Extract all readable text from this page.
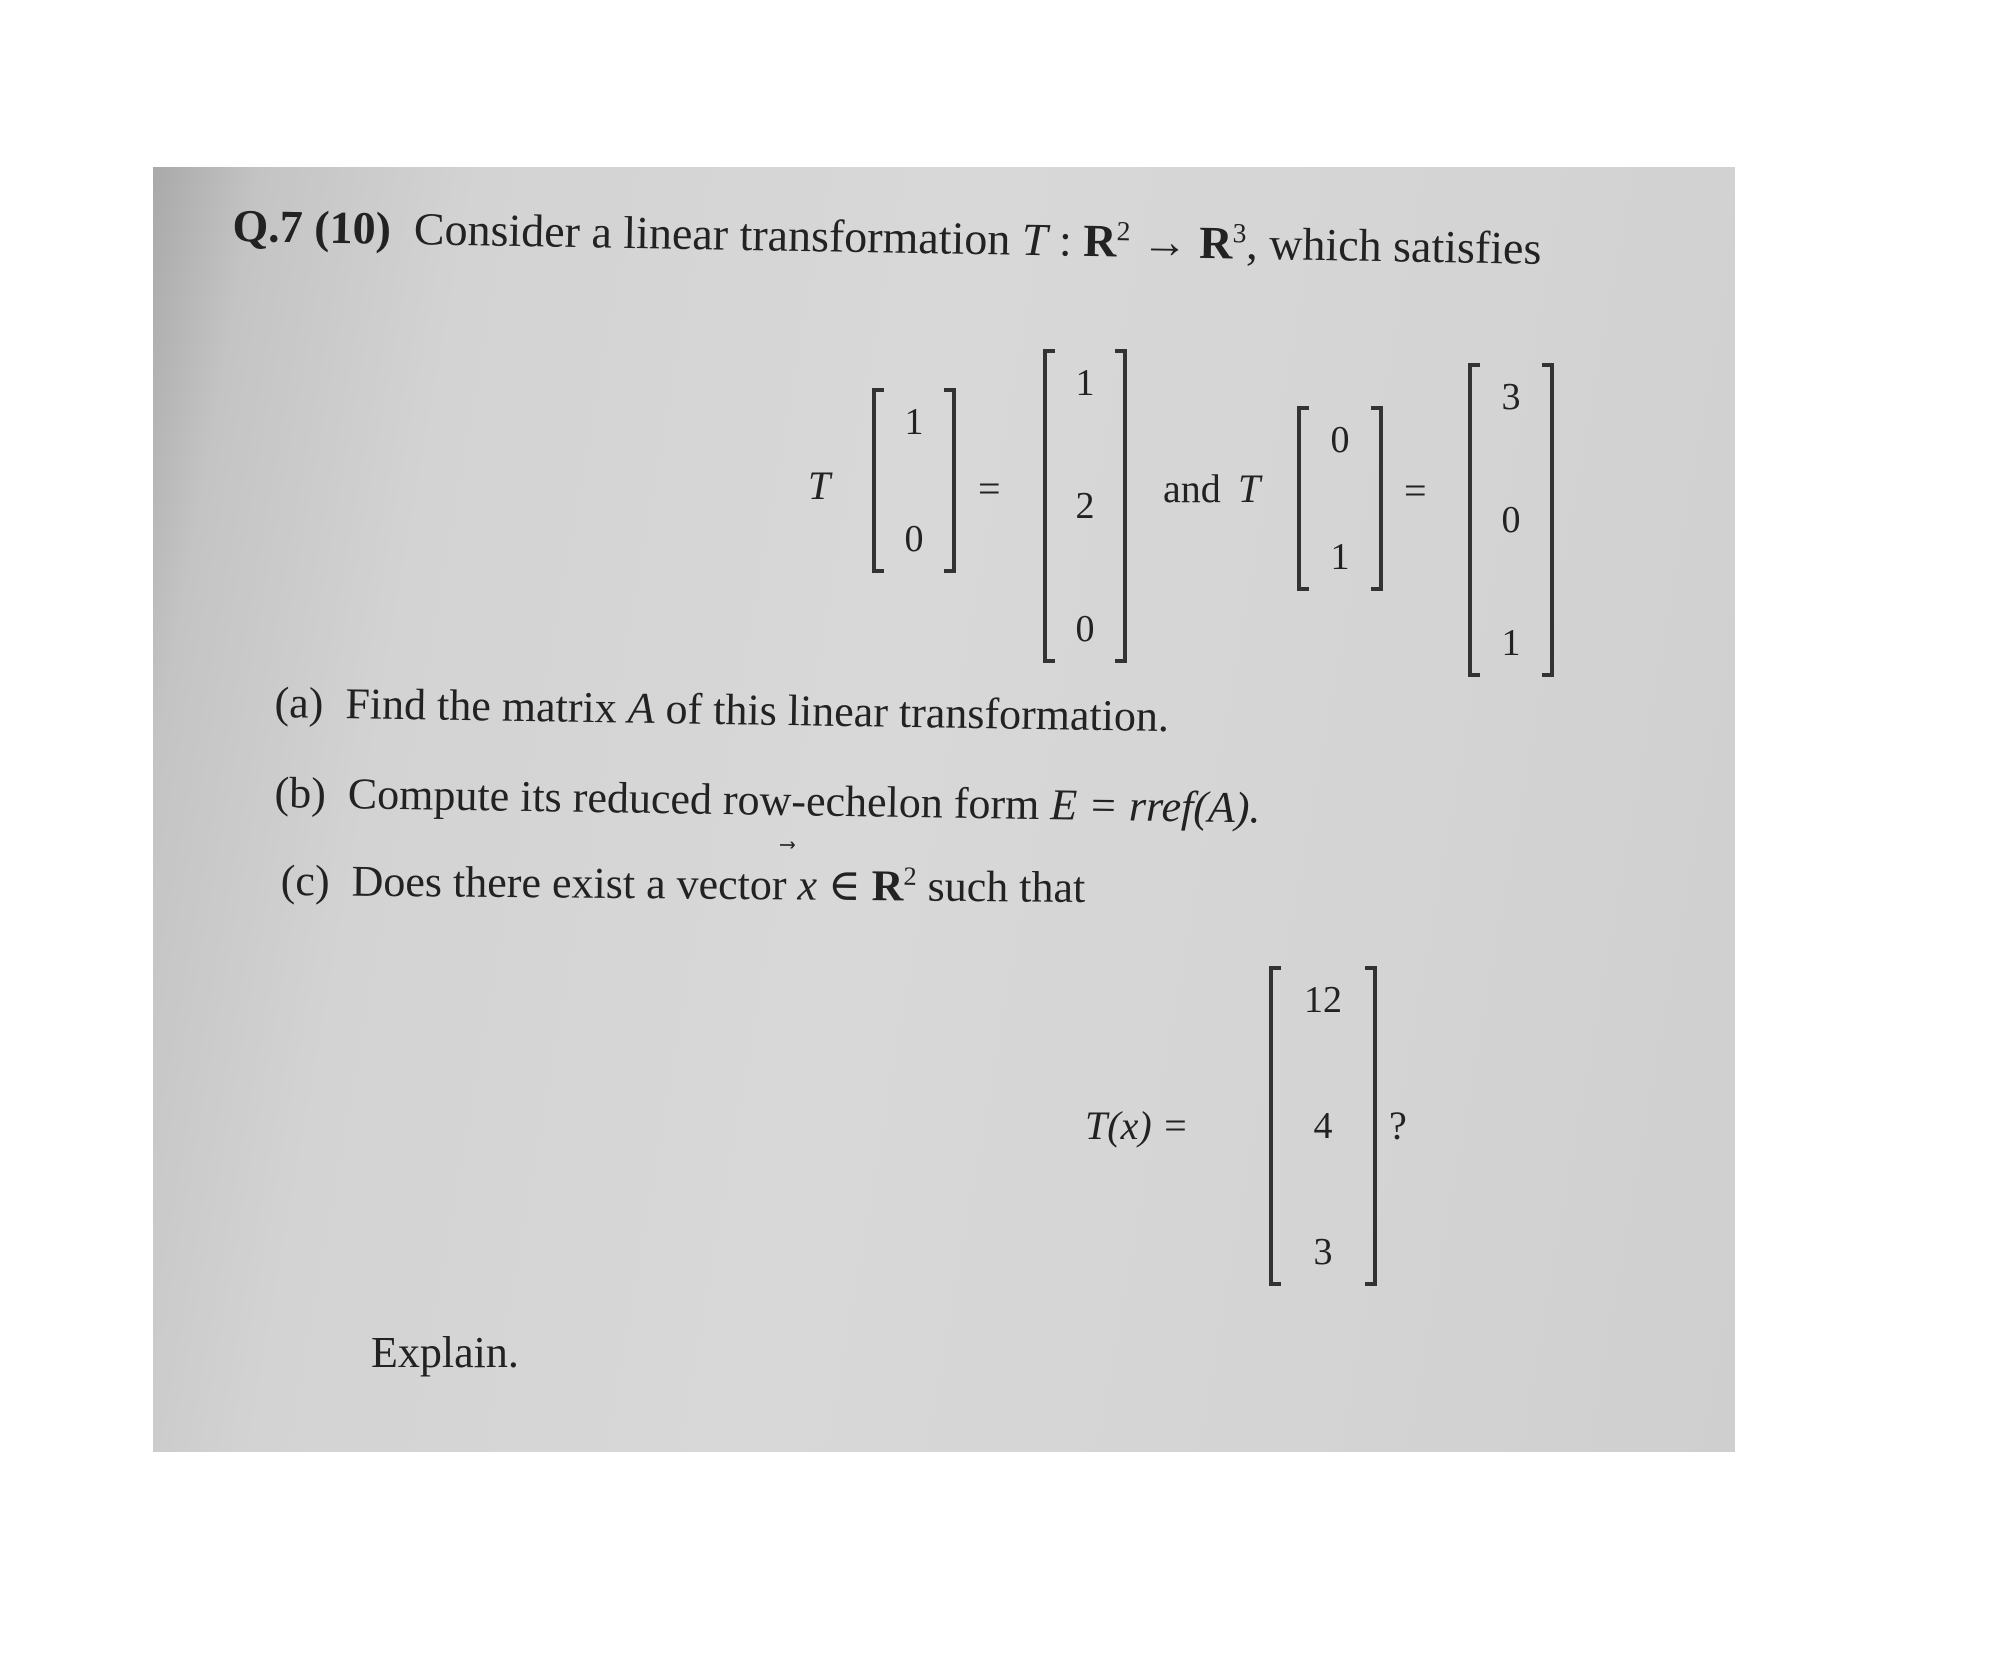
Q.7 (10) Consider a linear transformation T : $R^2 \to R^3$, which satisfies
T
1
0
=
1
2
0
and T
0
1
=
3
0
1
(a) Find the matrix A of this linear transformation.
(b) Compute its reduced row-echelon form E = rref(A).
(c) Does there exist a vector ⃗
x ∈ $R^2$ such that
T(x) =
12
4
3
?
Explain.
